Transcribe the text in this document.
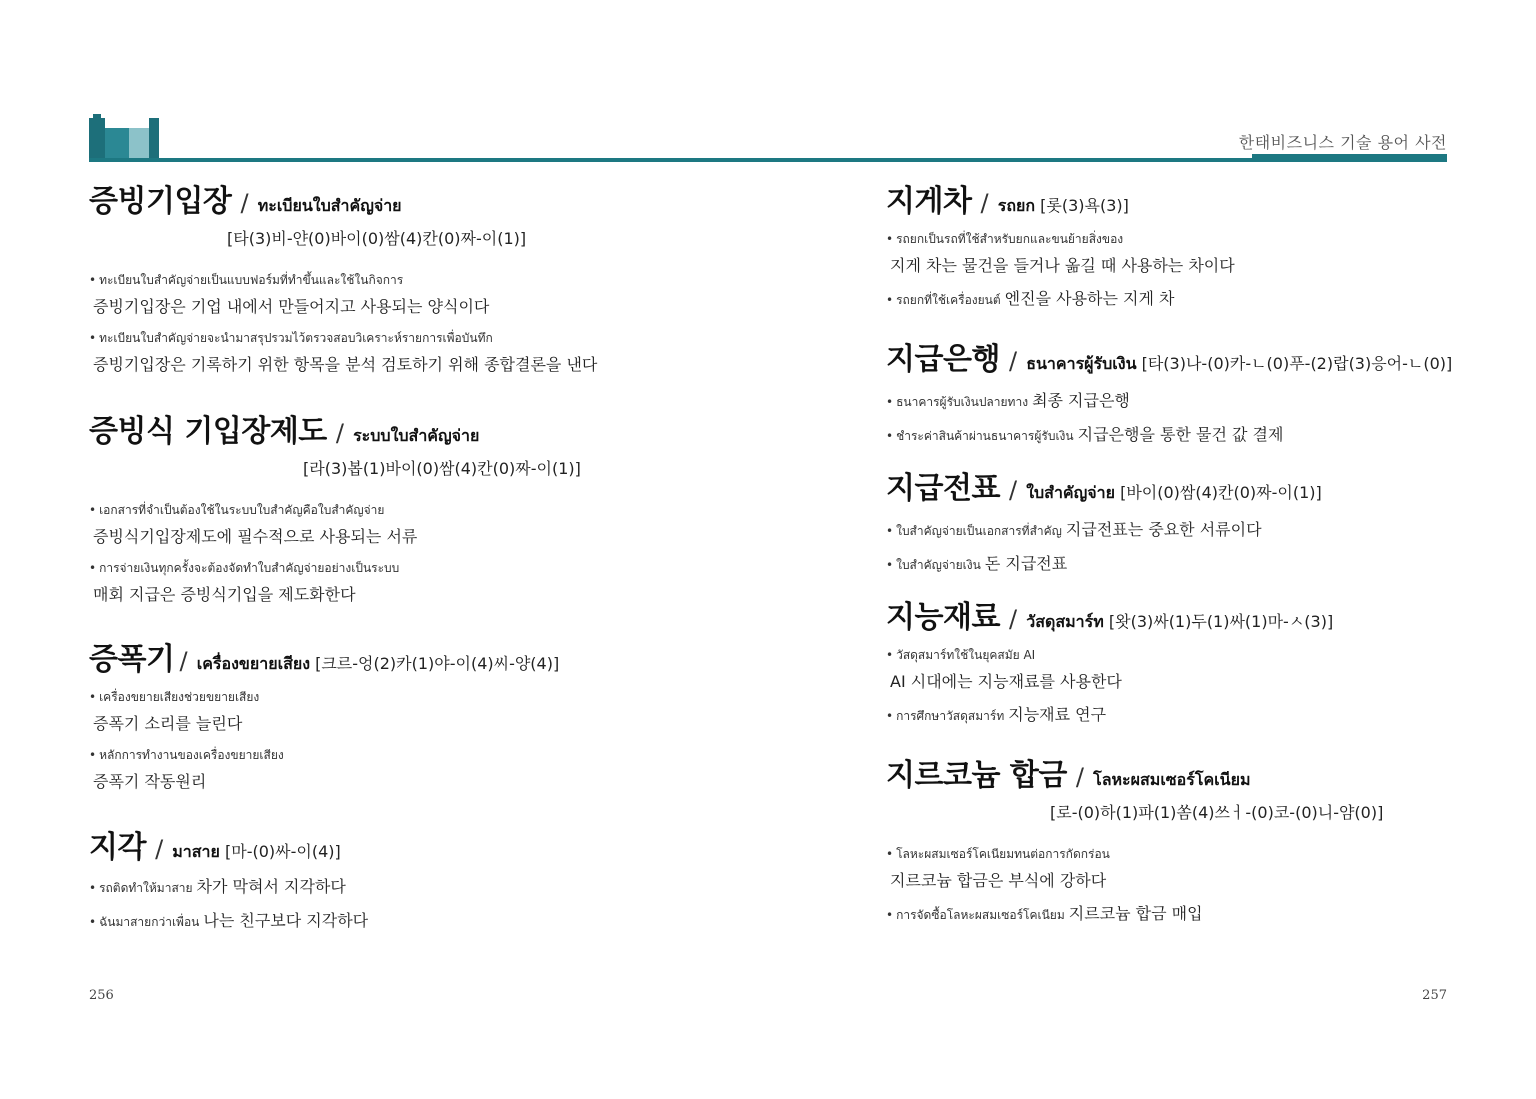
한태비즈니스 기술 용어 사전
증빙기입장 / ทะเบียนใบสำคัญจ่าย
[타(3)비-얀(0)바이(0)쌈(4)칸(0)짜-이(1)]
• ทะเบียนใบสำคัญจ่ายเป็นแบบฟอร์มที่ทำขึ้นและใช้ในกิจการ
증빙기입장은 기업 내에서 만들어지고 사용되는 양식이다
• ทะเบียนใบสำคัญจ่ายจะนำมาสรุปรวมไว้ตรวจสอบวิเคราะห์รายการเพื่อบันทึก
증빙기입장은 기록하기 위한 항목을 분석 검토하기 위해 종합결론을 낸다
증빙식 기입장제도 / ระบบใบสำคัญจ่าย
[라(3)봅(1)바이(0)쌈(4)칸(0)짜-이(1)]
• เอกสารที่จำเป็นต้องใช้ในระบบใบสำคัญคือใบสำคัญจ่าย
증빙식기입장제도에 필수적으로 사용되는 서류
• การจ่ายเงินทุกครั้งจะต้องจัดทำใบสำคัญจ่ายอย่างเป็นระบบ
매회 지급은 증빙식기입을 제도화한다
증폭기 / เครื่องขยายเสียง [크르-엉(2)카(1)야-이(4)씨-양(4)]
• เครื่องขยายเสียงช่วยขยายเสียง
증폭기 소리를 늘린다
• หลักการทำงานของเครื่องขยายเสียง
증폭기 작동원리
지각 / มาสาย [마-(0)싸-이(4)]
• รถติดทำให้มาสาย 차가 막혀서 지각하다
• ฉันมาสายกว่าเพื่อน 나는 친구보다 지각하다
지게차 / รถยก [롯(3)욕(3)]
• รถยกเป็นรถที่ใช้สำหรับยกและขนย้ายสิ่งของ
지게 차는 물건을 들거나 옮길 때 사용하는 차이다
• รถยกที่ใช้เครื่องยนต์ 엔진을 사용하는 지게 차
지급은행 / ธนาคารผู้รับเงิน [타(3)나-(0)카-ㄴ(0)푸-(2)랍(3)응어-ㄴ(0)]
• ธนาคารผู้รับเงินปลายทาง 최종 지급은행
• ชำระค่าสินค้าผ่านธนาคารผู้รับเงิน 지급은행을 통한 물건 값 결제
지급전표 / ใบสำคัญจ่าย [바이(0)쌈(4)칸(0)짜-이(1)]
• ใบสำคัญจ่ายเป็นเอกสารที่สำคัญ 지급전표는 중요한 서류이다
• ใบสำคัญจ่ายเงิน 돈 지급전표
지능재료 / วัสดุสมาร์ท [왓(3)싸(1)두(1)싸(1)마-ㅅ(3)]
• วัสดุสมาร์ทใช้ในยุคสมัย AI
AI 시대에는 지능재료를 사용한다
• การศึกษาวัสดุสมาร์ท 지능재료 연구
지르코늄 합금 / โลหะผสมเซอร์โคเนียม
[로-(0)하(1)파(1)쏨(4)쓰ㅓ-(0)코-(0)니-얌(0)]
• โลหะผสมเซอร์โคเนียมทนต่อการกัดกร่อน
지르코늄 합금은 부식에 강하다
• การจัดซื้อโลหะผสมเซอร์โคเนียม 지르코늄 합금 매입
256	257
